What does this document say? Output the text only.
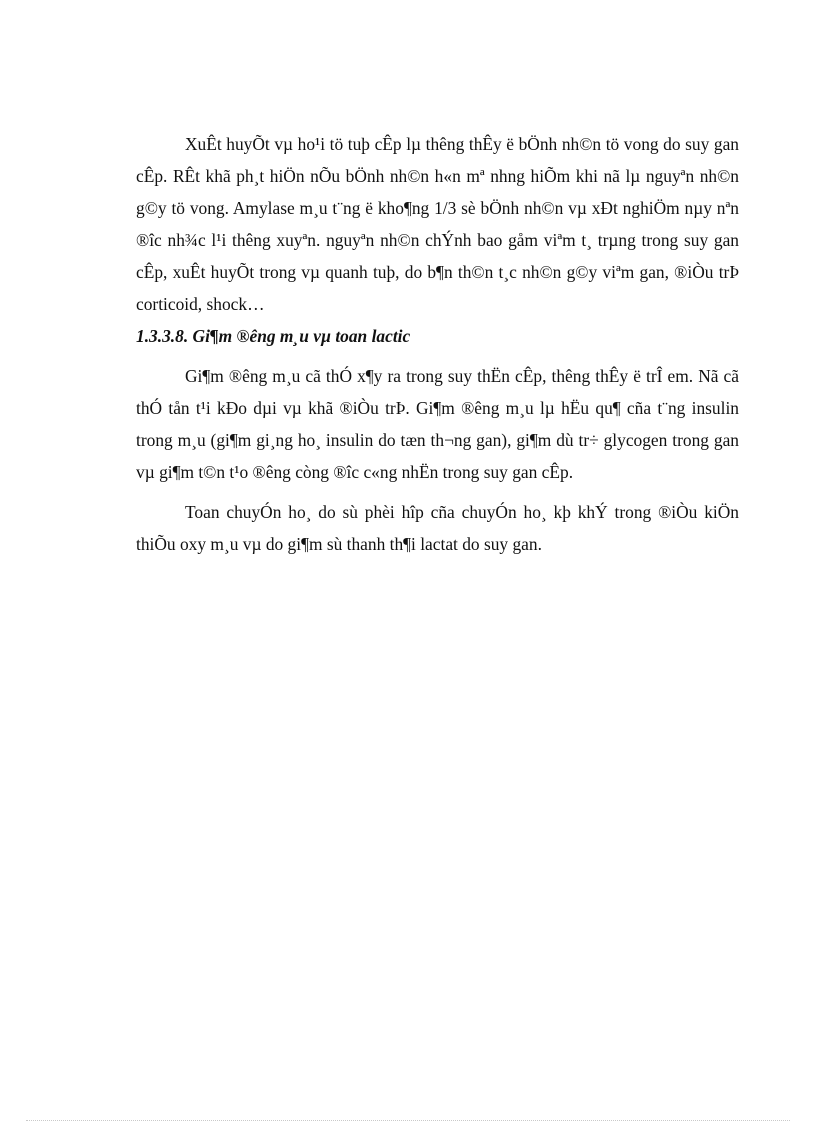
XuÊt huyÕt vµ ho¹i tö tuþ cÊp lµ thêng thÊy ë bÖnh nh©n tö vong do suy gan cÊp. RÊt khã ph¸t hiÖn nÕu bÖnh nh©n h«n mª nhng hiÕm khi nã lµ nguyªn nh©n g©y tö vong. Amylase m¸u t¨ng ë kho¶ng 1/3 sè bÖnh nh©n vµ xÐt nghiÖm nµy nªn ®îc nh¾c l¹i thêng xuyªn. nguyªn nh©n chÝnh bao gåm viªm t¸ trµng trong suy gan cÊp, xuÊt huyÕt trong vµ quanh tuþ, do b¶n th©n t¸c nh©n g©y viªm gan, ®iÒu trÞ corticoid, shock…

1.3.3.8. Gi¶m ®êng m¸u vµ toan lactic

Gi¶m ®êng m¸u cã thÓ x¶y ra trong suy thËn cÊp, thêng thÊy ë trÎ em. Nã cã thÓ tån t¹i kÐo dµi vµ khã ®iÒu trÞ. Gi¶m ®êng m¸u lµ hËu qu¶ cña t¨ng insulin trong m¸u (gi¶m gi¸ng ho¸ insulin do tæn th¬ng gan), gi¶m dù tr÷ glycogen trong gan vµ gi¶m t©n t¹o ®êng còng ®îc c«ng nhËn trong suy gan cÊp.

Toan chuyÓn ho¸ do sù phèi hîp cña chuyÓn ho¸ kþ khÝ trong ®iÒu kiÖn thiÕu oxy m¸u vµ do gi¶m sù thanh th¶i lactat do suy gan.
